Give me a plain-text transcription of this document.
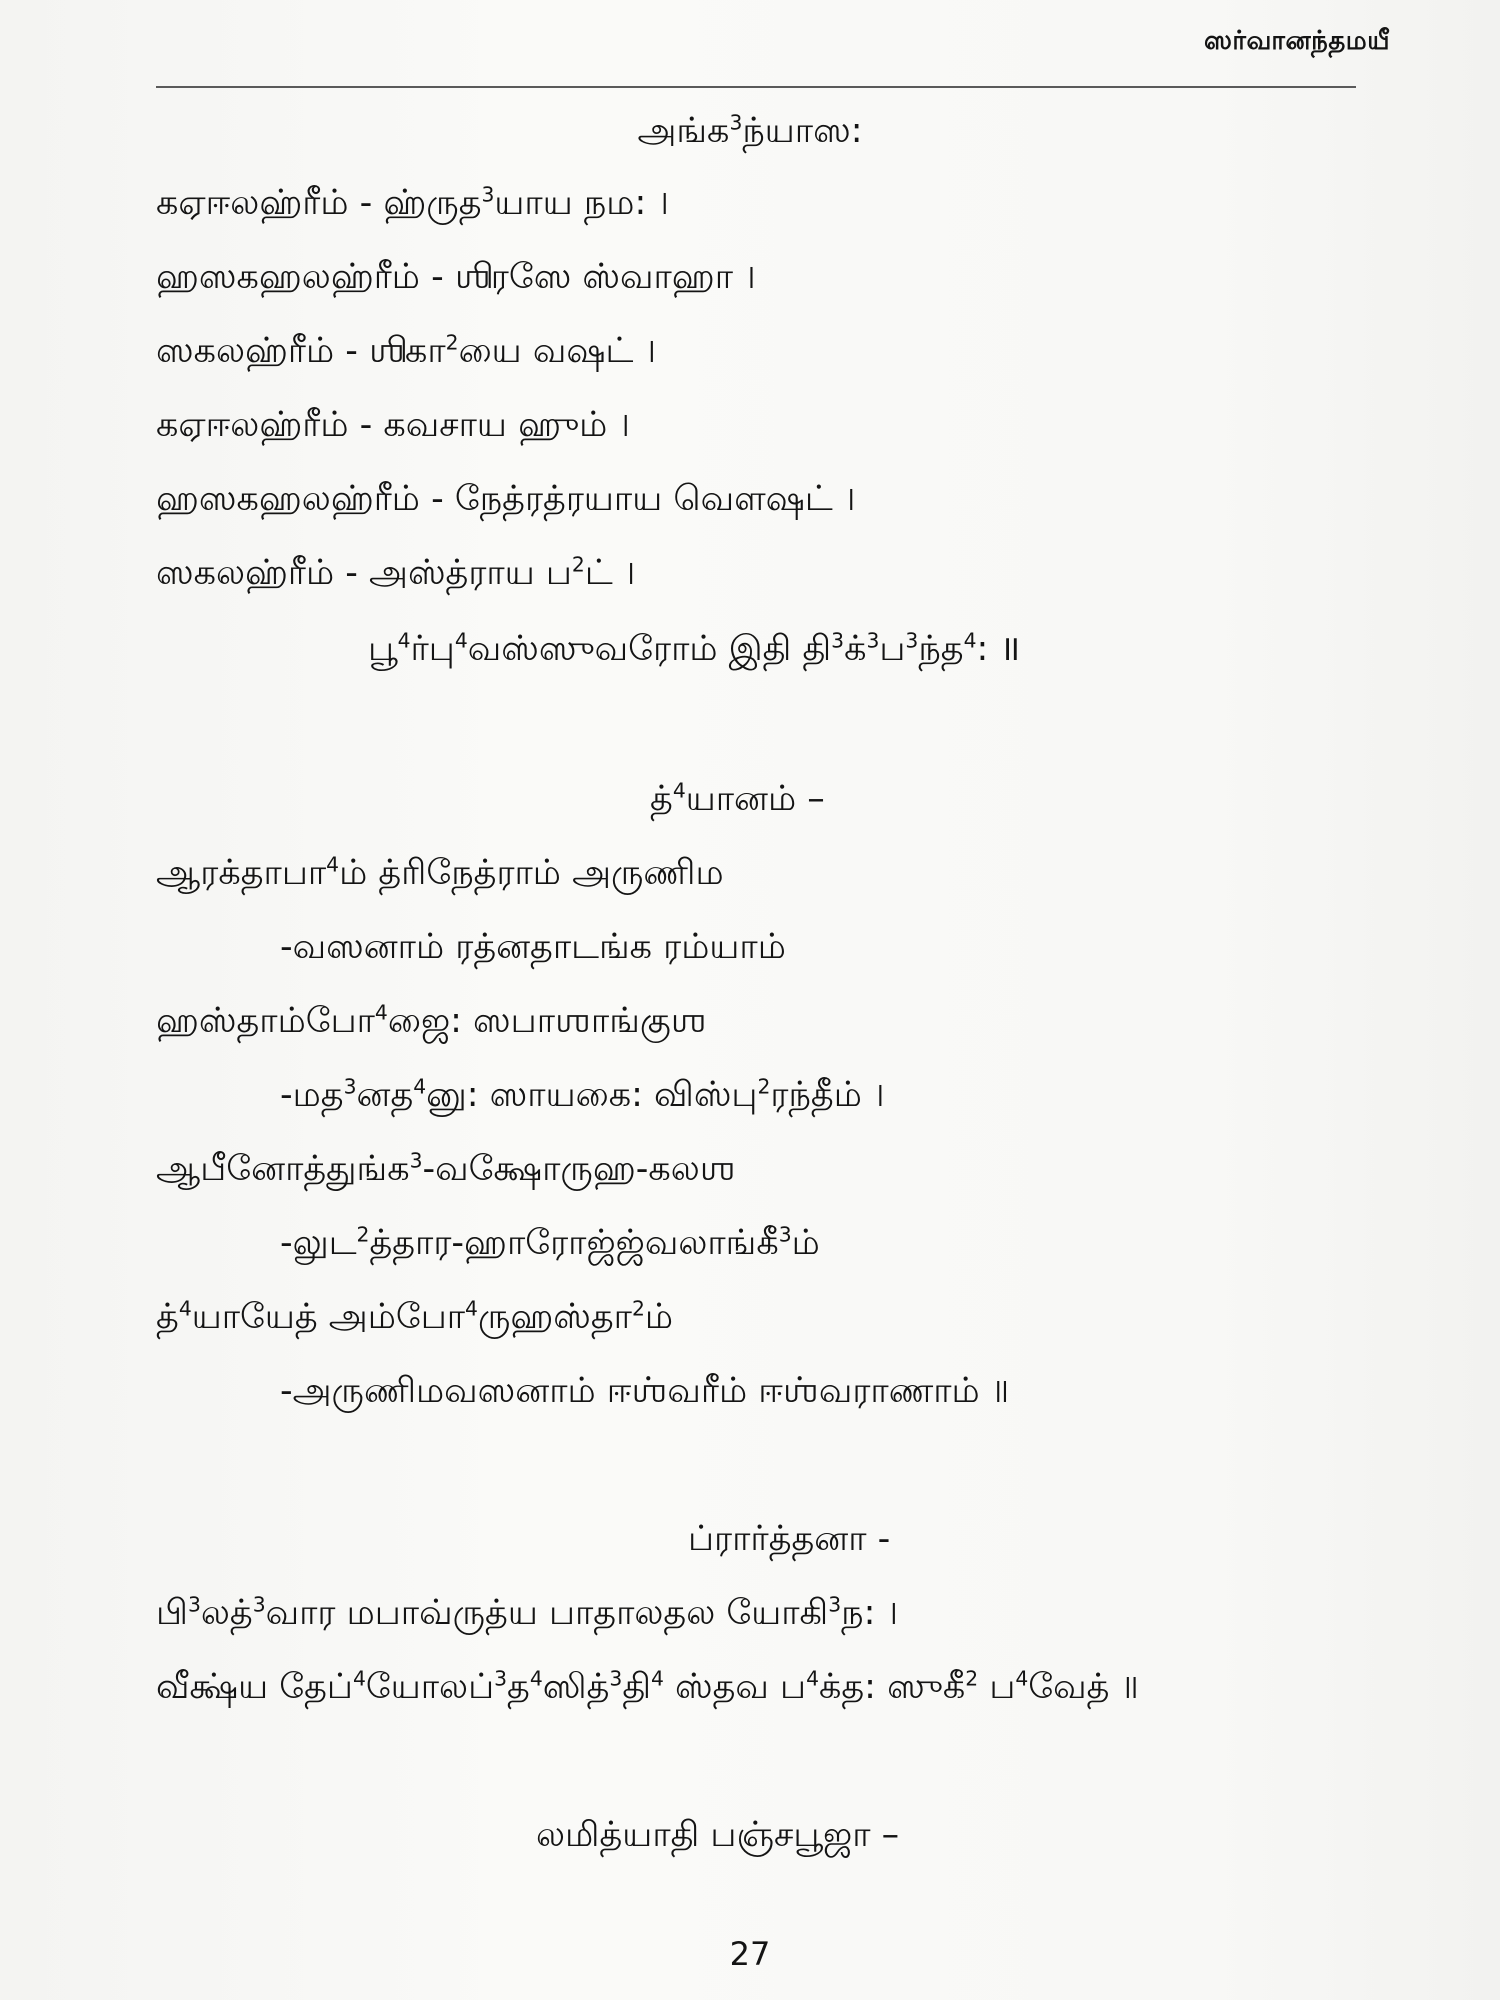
ஸர்வானந்தமயீ
அங்க$^3$ந்யாஸ:
கஏஈலஹ்ரீம் - ஹ்ருத$^3$யாய நம: ।
ஹஸகஹலஹ்ரீம் - ஶிரஸே ஸ்வாஹா ।
ஸகலஹ்ரீம் - ஶிகா$^2$யை வஷட் ।
கஏஈலஹ்ரீம் - கவசாய ஹும் ।
ஹஸகஹலஹ்ரீம் - நேத்ரத்ரயாய வௌஷட் ।
ஸகலஹ்ரீம் - அஸ்த்ராய ப$^2$ட் ।
பூ$^4$ர்பு$^4$வஸ்ஸுவரோம் இதி தி$^3$க்$^3$ப$^3$ந்த$^4$: ॥
த்$^4$யானம் –
ஆரக்தாபா$^4$ம் த்ரிநேத்ராம் அருணிம
-வஸனாம் ரத்னதாடங்க ரம்யாம்
ஹஸ்தாம்போ$^4$ஜை: ஸபாஶாங்குஶ
-மத$^3$னத$^4$னு: ஸாயகை: விஸ்பு$^2$ரந்தீம் ।
ஆபீனோத்துங்க$^3$-வக்ஷோருஹ-கலஶ
-லுட$^2$த்தார-ஹாரோஜ்ஜ்வலாங்கீ$^3$ம்
த்$^4$யாயேத் அம்போ$^4$ருஹஸ்தா$^2$ம்
-அருணிமவஸனாம் ஈஶ்வரீம் ஈஶ்வராணாம் ॥
ப்ரார்த்தனா -
பி$^3$லத்$^3$வார மபாவ்ருத்ய பாதாலதல யோகி$^3$ந: ।
வீக்ஷ்ய தேப்$^4$யோலப்$^3$த$^4$ஸித்$^3$தி$^4$ ஸ்தவ ப$^4$க்த: ஸுகீ$^2$ ப$^4$வேத் ॥
லமித்யாதி பஞ்சபூஜா –
27
